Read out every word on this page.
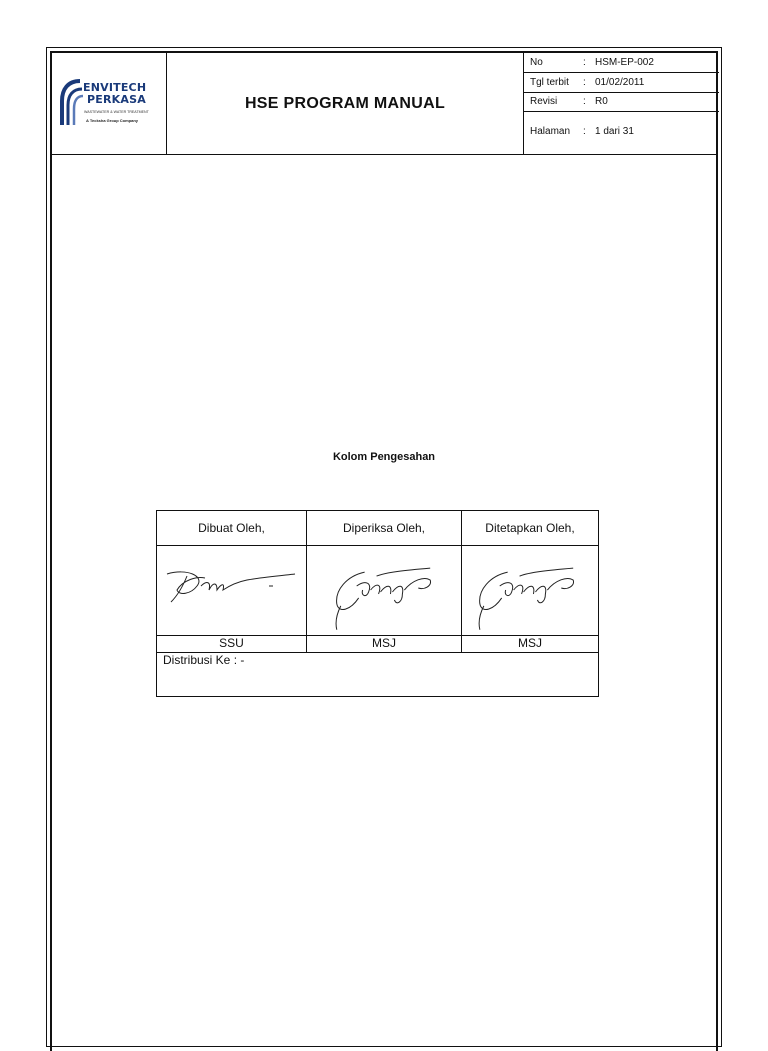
ENVITECH
PERKASA
WASTEWATER & WATER TREATMENT
A Tecksha Group Company
HSE PROGRAM MANUAL
No	: HSM-EP-002
Tgl terbit : 01/02/2011
Revisi	: R0
Halaman : 1 dari 31
Kolom Pengesahan
Dibuat Oleh,
SSU
Diperiksa Oleh,
MSJ
Ditetapkan Oleh,
MSJ
Distribusi Ke : -
